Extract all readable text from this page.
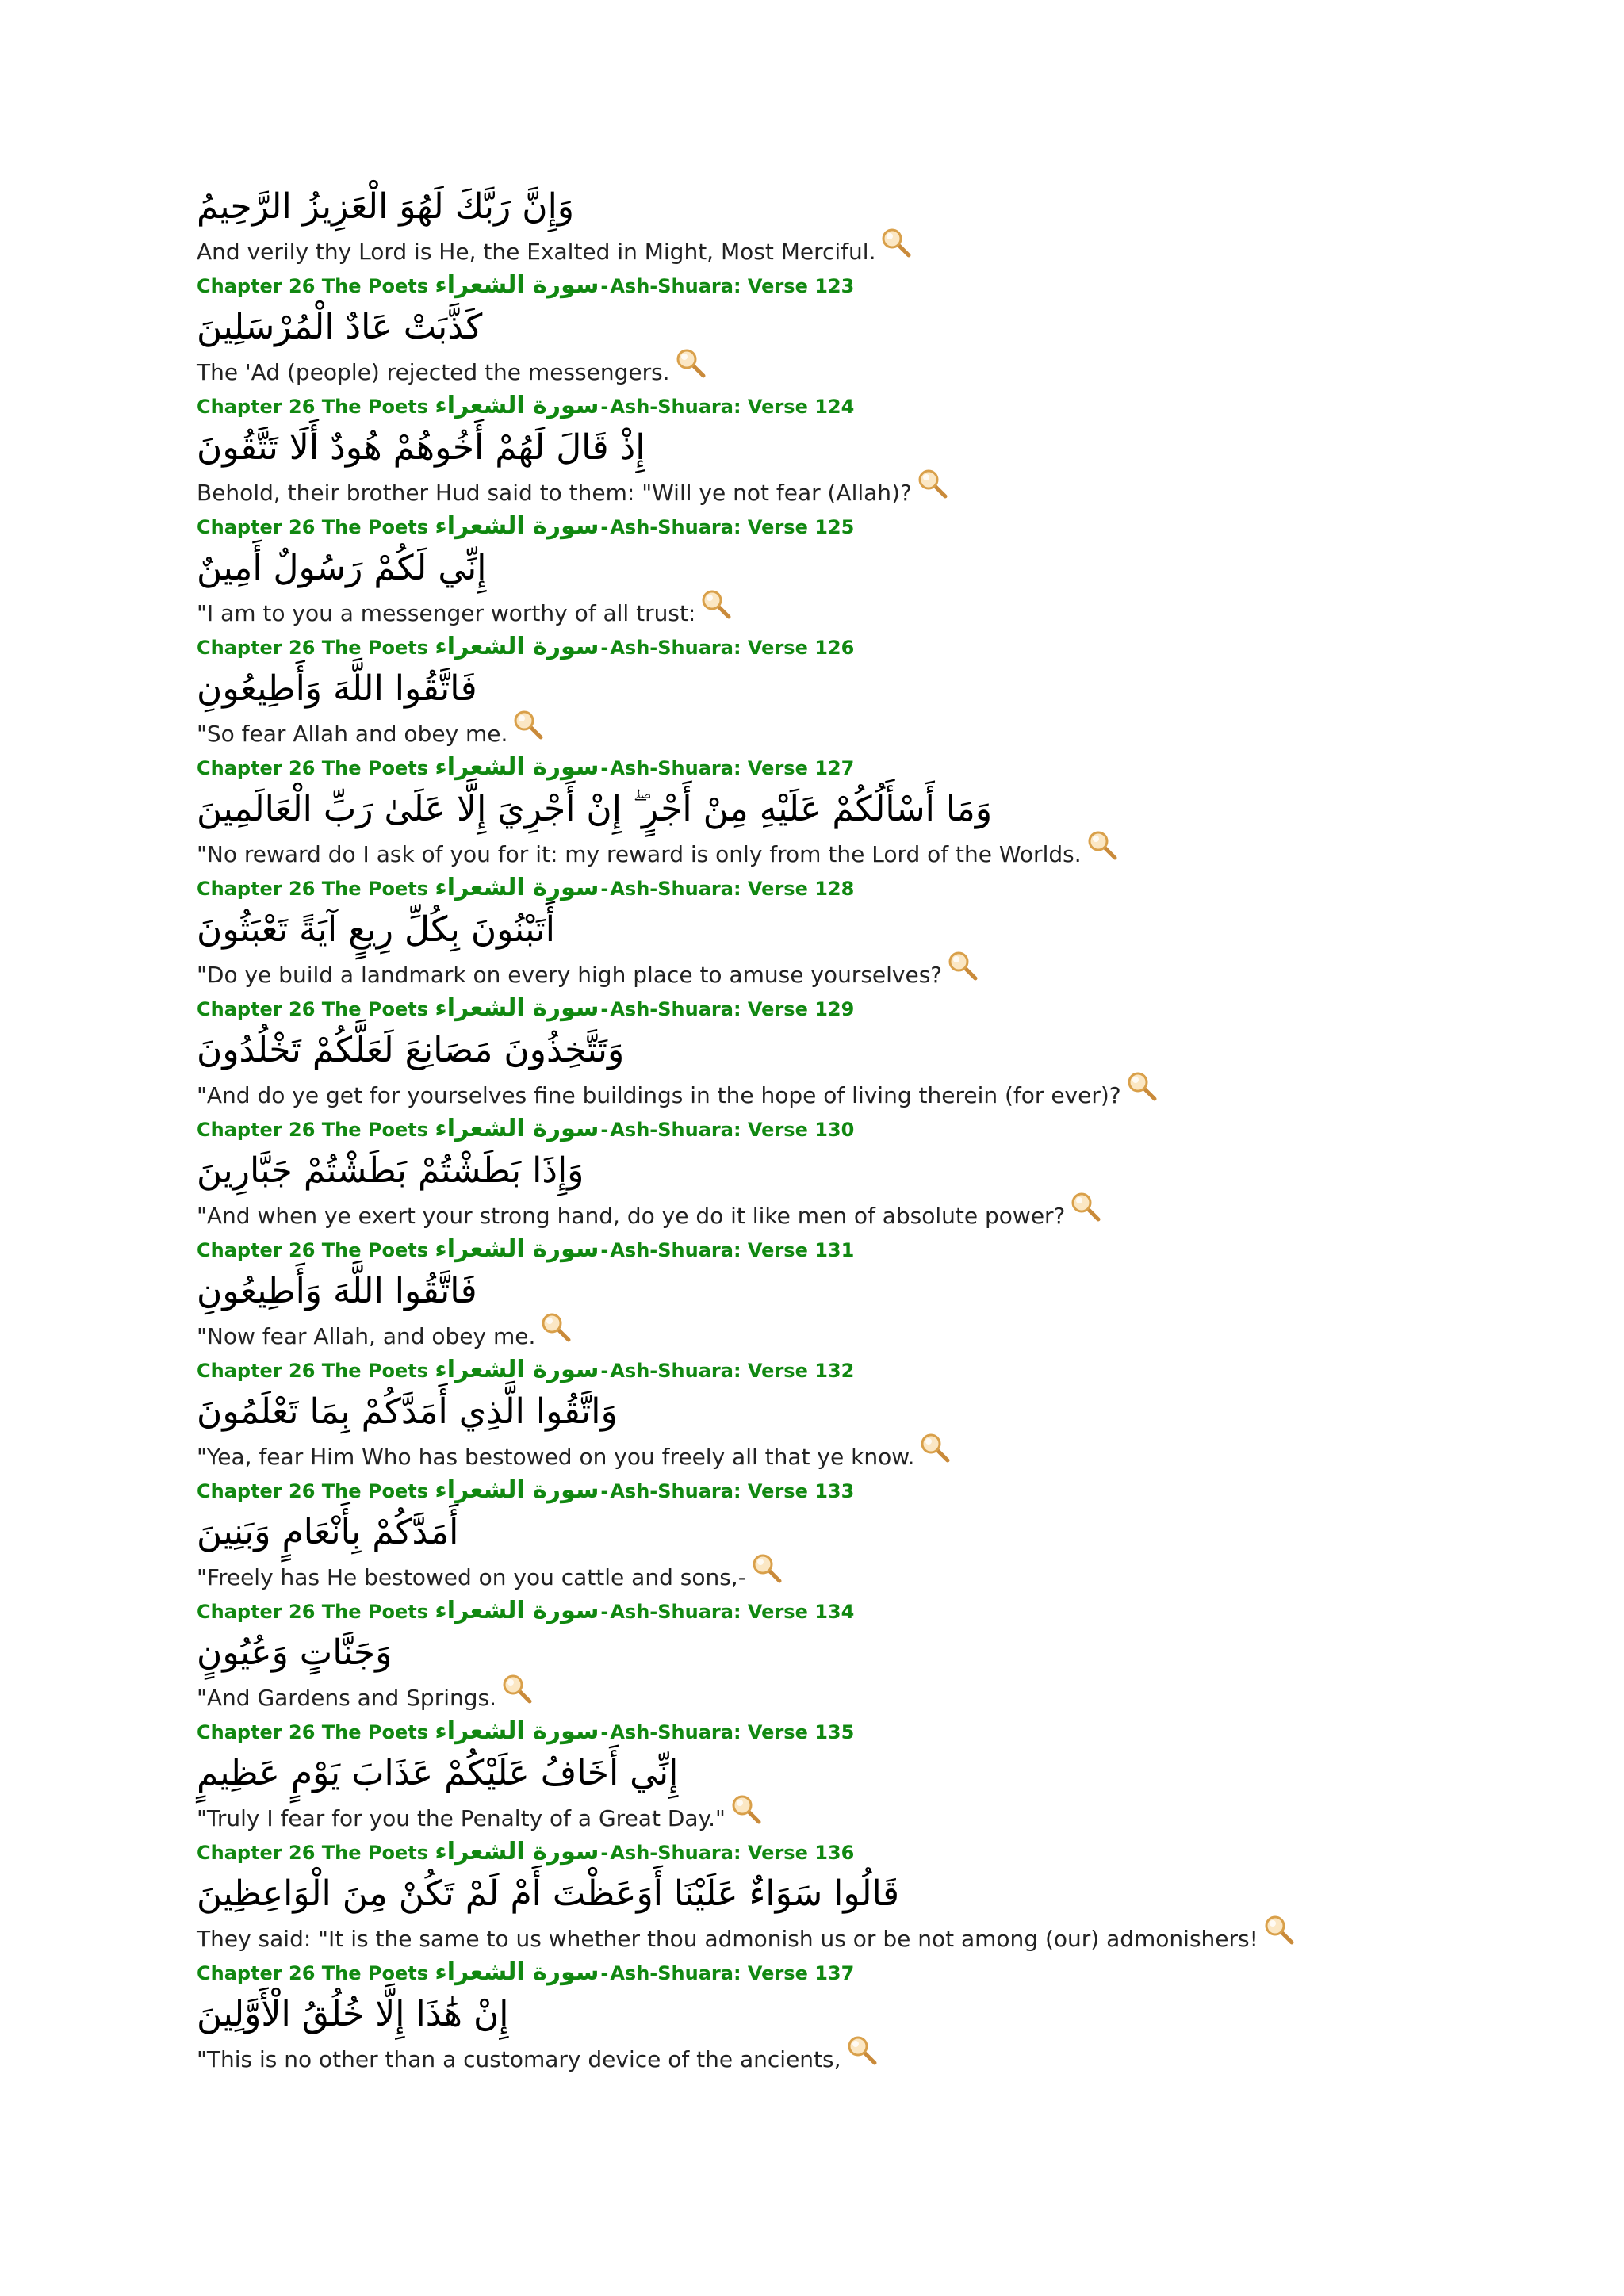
وَإِنَّ رَبَّكَ لَهُوَ الْعَزِيزُ الرَّحِيمُ
And verily thy Lord is He, the Exalted in Might, Most Merciful.
Chapter 26 The Poets سورة الشعراء-Ash-Shuara: Verse 123
كَذَّبَتْ عَادٌ الْمُرْسَلِينَ
The 'Ad (people) rejected the messengers.
Chapter 26 The Poets سورة الشعراء-Ash-Shuara: Verse 124
إِذْ قَالَ لَهُمْ أَخُوهُمْ هُودٌ أَلَا تَتَّقُونَ
Behold, their brother Hud said to them: "Will ye not fear (Allah)?
Chapter 26 The Poets سورة الشعراء-Ash-Shuara: Verse 125
إِنِّي لَكُمْ رَسُولٌ أَمِينٌ
"I am to you a messenger worthy of all trust:
Chapter 26 The Poets سورة الشعراء-Ash-Shuara: Verse 126
فَاتَّقُوا اللَّهَ وَأَطِيعُونِ
"So fear Allah and obey me.
Chapter 26 The Poets سورة الشعراء-Ash-Shuara: Verse 127
وَمَا أَسْأَلُكُمْ عَلَيْهِ مِنْ أَجْرٍ ۖ إِنْ أَجْرِيَ إِلَّا عَلَىٰ رَبِّ الْعَالَمِينَ
"No reward do I ask of you for it: my reward is only from the Lord of the Worlds.
Chapter 26 The Poets سورة الشعراء-Ash-Shuara: Verse 128
أَتَبْنُونَ بِكُلِّ رِيعٍ آيَةً تَعْبَثُونَ
"Do ye build a landmark on every high place to amuse yourselves?
Chapter 26 The Poets سورة الشعراء-Ash-Shuara: Verse 129
وَتَتَّخِذُونَ مَصَانِعَ لَعَلَّكُمْ تَخْلُدُونَ
"And do ye get for yourselves fine buildings in the hope of living therein (for ever)?
Chapter 26 The Poets سورة الشعراء-Ash-Shuara: Verse 130
وَإِذَا بَطَشْتُمْ بَطَشْتُمْ جَبَّارِينَ
"And when ye exert your strong hand, do ye do it like men of absolute power?
Chapter 26 The Poets سورة الشعراء-Ash-Shuara: Verse 131
فَاتَّقُوا اللَّهَ وَأَطِيعُونِ
"Now fear Allah, and obey me.
Chapter 26 The Poets سورة الشعراء-Ash-Shuara: Verse 132
وَاتَّقُوا الَّذِي أَمَدَّكُمْ بِمَا تَعْلَمُونَ
"Yea, fear Him Who has bestowed on you freely all that ye know.
Chapter 26 The Poets سورة الشعراء-Ash-Shuara: Verse 133
أَمَدَّكُمْ بِأَنْعَامٍ وَبَنِينَ
"Freely has He bestowed on you cattle and sons,-
Chapter 26 The Poets سورة الشعراء-Ash-Shuara: Verse 134
وَجَنَّاتٍ وَعُيُونٍ
"And Gardens and Springs.
Chapter 26 The Poets سورة الشعراء-Ash-Shuara: Verse 135
إِنِّي أَخَافُ عَلَيْكُمْ عَذَابَ يَوْمٍ عَظِيمٍ
"Truly I fear for you the Penalty of a Great Day."
Chapter 26 The Poets سورة الشعراء-Ash-Shuara: Verse 136
قَالُوا سَوَاءٌ عَلَيْنَا أَوَعَظْتَ أَمْ لَمْ تَكُنْ مِنَ الْوَاعِظِينَ
They said: "It is the same to us whether thou admonish us or be not among (our) admonishers!
Chapter 26 The Poets سورة الشعراء-Ash-Shuara: Verse 137
إِنْ هَٰذَا إِلَّا خُلُقُ الْأَوَّلِينَ
"This is no other than a customary device of the ancients,
